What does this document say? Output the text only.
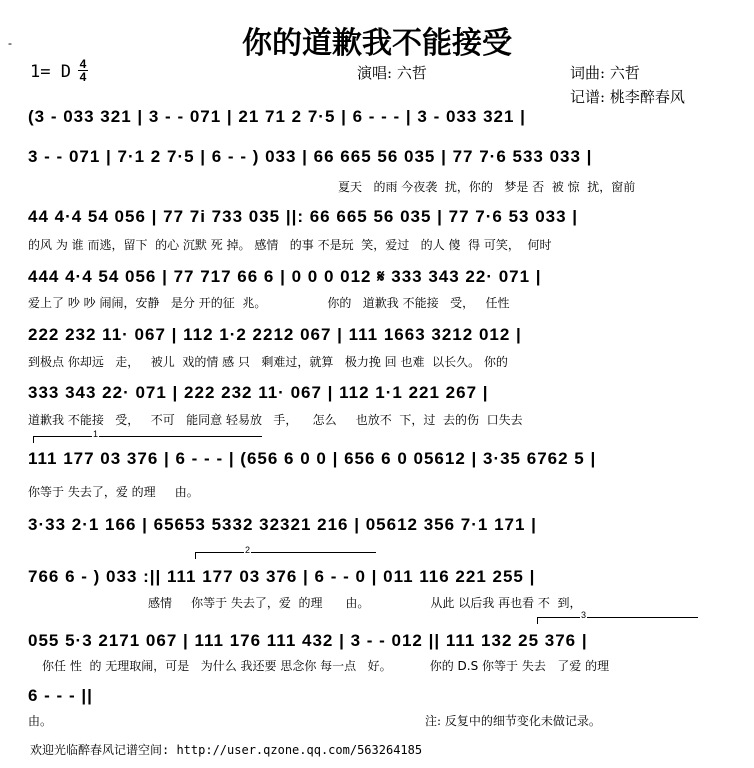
-	你的道歉我不能接受
1= D 4
4	演唱: 六哲	词曲: 六哲
记谱: 桃李醉春风
(3 - 033 321 | 3 - - 071 | 21 71 2 7·5 | 6 - - - | 3 - 033 321 |
3 - - 071 | 7·1 2 7·5 | 6 - - ) 033 | 66 665 56 035 | 77 7·6 533 033 |
夏天   的雨 今夜袭  扰，你的   梦是 否  被 惊  扰，窗前
44 4·4 54 056 | 77 7i 733 035 ||: 66 665 56 035 | 77 7·6 53 033 |
的风 为 谁 而逃，留下  的心 沉默 死 掉。 感情   的事 不是玩  笑，爱过   的人 傻  得 可笑，  何时
444 4·4 54 056 | 77 717 66 6 | 0 0 0 012 𝄋 333 343 22· 071 |
爱上了 吵 吵 闹闹，安静   是分 开的征  兆。                你的   道歉我 不能接   受，   任性
222 232 11· 067 | 112 1·2 2212 067 | 111 1663 3212 012 |
到极点 你却远   走，   被儿  戏的情 感 只   剩难过，就算   极力挽 回 也难  以长久。 你的
333 343 22· 071 | 222 232 11· 067 | 112 1·1 221 267 |
道歉我 不能接   受，   不可   能同意 轻易放   手，    怎么     也放不  下，过  去的伤  口失去
1
111 177 03 376 | 6 - - - | (656 6 0 0 | 656 6 0 05612 | 3·35 6762 5 |
你等于 失去了，爱 的理     由。
3·33 2·1 166 | 65653 5332 32321 216 | 05612 356 7·1 171 |
2
766 6 - ) 033 :|| 111 177 03 376 | 6 - - 0 | 011 116 221 255 |
感情     你等于 失去了，爱  的理      由。                从此 以后我 再也看 不  到，
3
055 5·3 2171 067 | 111 176 111 432 | 3 - - 012 || 111 132 25 376 |
你任 性  的 无理取闹，可是   为什么 我还要 思念你 每一点   好。          你的 D.S 你等于 失去   了爱 的理
6 - - - ||
由。	注: 反复中的细节变化未做记录。
欢迎光临醉春风记谱空间: http://user.qzone.qq.com/563264185
